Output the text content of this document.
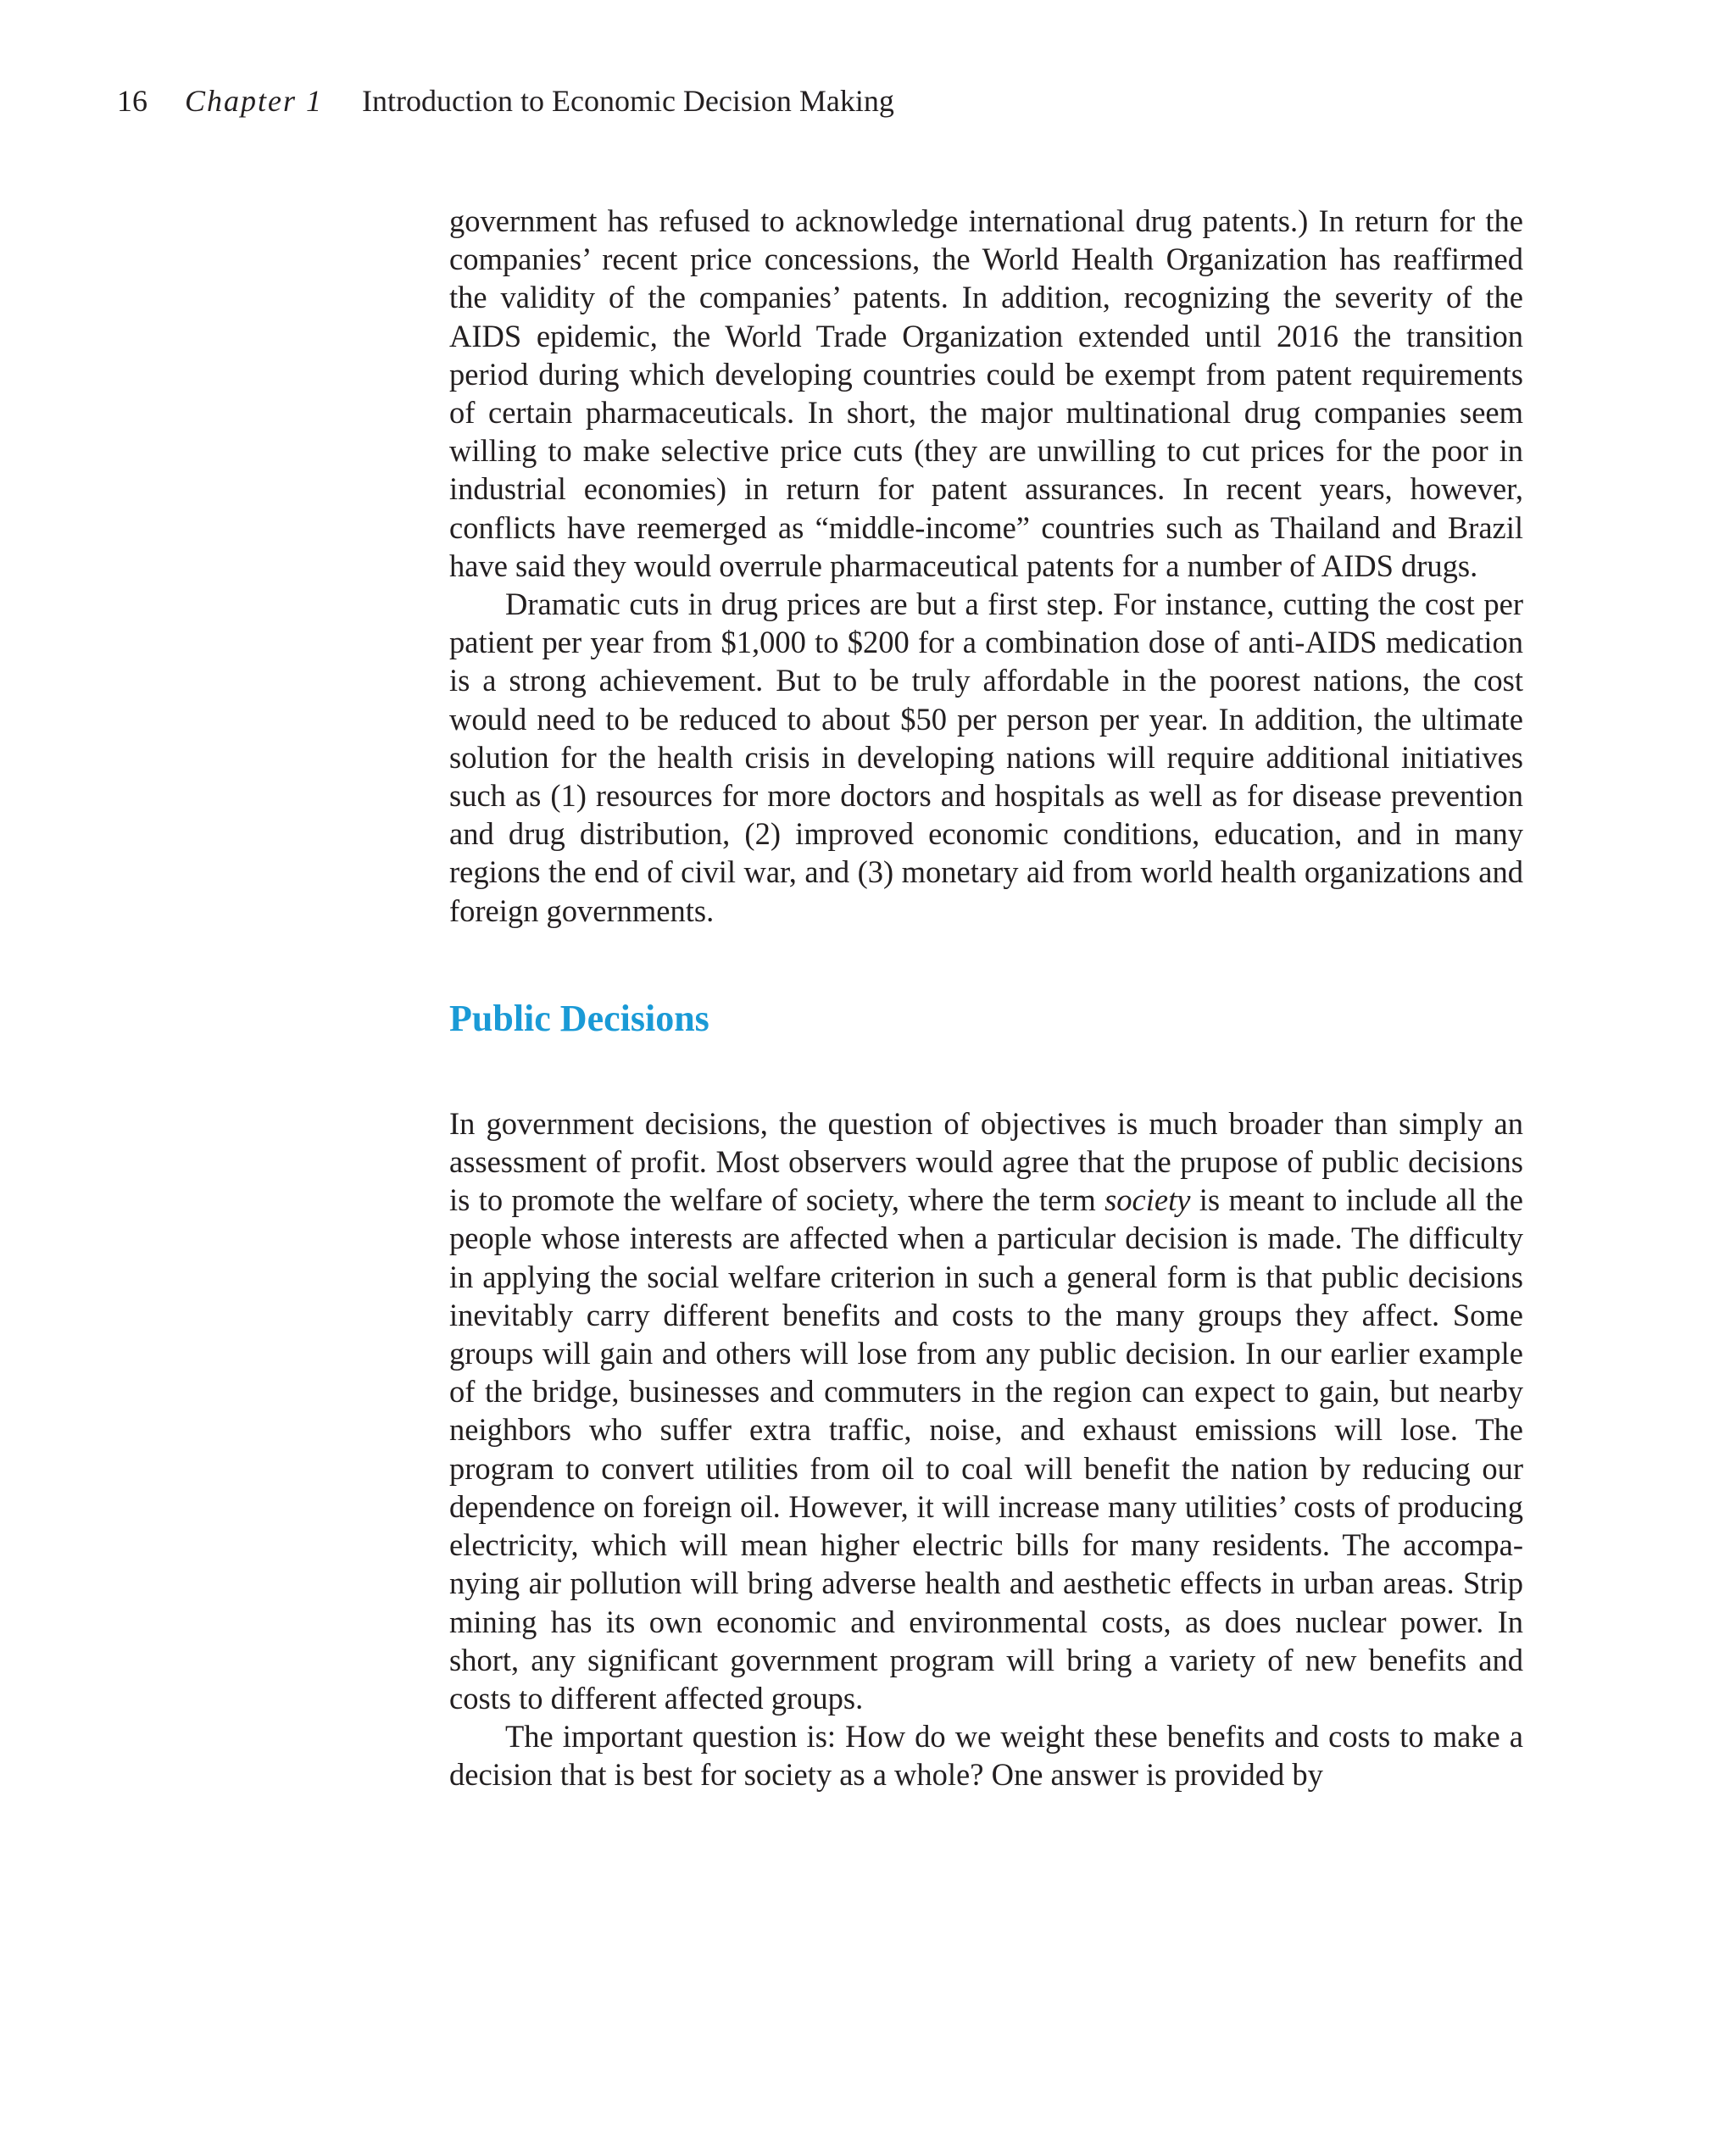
16 Chapter 1 Introduction to Economic Decision Making

government has refused to acknowledge international drug patents.) In return for the companies’ recent price concessions, the World Health Organization has reaffirmed the validity of the companies’ patents. In addition, recognizing the severity of the AIDS epidemic, the World Trade Organization extended until 2016 the transition period during which developing countries could be exempt from patent requirements of certain pharmaceuticals. In short, the major multinational drug companies seem willing to make selective price cuts (they are unwilling to cut prices for the poor in industrial economies) in return for patent assurances. In recent years, however, conflicts have reemerged as “middle-income” countries such as Thailand and Brazil have said they would overrule pharmaceutical patents for a number of AIDS drugs.

Dramatic cuts in drug prices are but a first step. For instance, cutting the cost per patient per year from $1,000 to $200 for a combination dose of anti-AIDS medication is a strong achievement. But to be truly affordable in the poorest nations, the cost would need to be reduced to about $50 per person per year. In addition, the ultimate solution for the health crisis in developing nations will require additional initiatives such as (1) resources for more doctors and hospitals as well as for disease prevention and drug distribution, (2) improved economic conditions, education, and in many regions the end of civil war, and (3) monetary aid from world health organizations and foreign governments.

Public Decisions

In government decisions, the question of objectives is much broader than simply an assessment of profit. Most observers would agree that the prupose of public decisions is to promote the welfare of society, where the term society is meant to include all the people whose interests are affected when a particular decision is made. The difficulty in applying the social welfare criterion in such a general form is that public decisions inevitably carry different benefits and costs to the many groups they affect. Some groups will gain and others will lose from any public decision. In our earlier example of the bridge, businesses and commuters in the region can expect to gain, but nearby neighbors who suffer extra traffic, noise, and exhaust emissions will lose. The program to convert utilities from oil to coal will benefit the nation by reducing our dependence on foreign oil. However, it will increase many utilities’ costs of producing electricity, which will mean higher electric bills for many residents. The accompanying air pollution will bring adverse health and aesthetic effects in urban areas. Strip mining has its own economic and environmental costs, as does nuclear power. In short, any significant government program will bring a variety of new benefits and costs to different affected groups.

The important question is: How do we weight these benefits and costs to make a decision that is best for society as a whole? One answer is provided by
